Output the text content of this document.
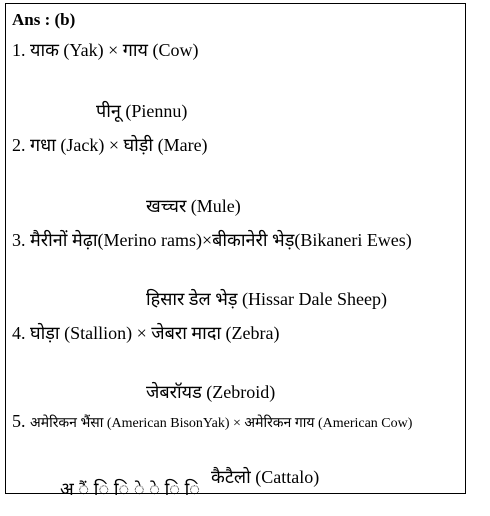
Ans : (b)
1. याक (Yak) × गाय (Cow)
पीनू (Piennu)
2. गधा (Jack) × घोड़ी (Mare)
खच्चर (Mule)
3. मैरीनों मेढ़ा(Merino rams)×बीकानेरी भेड़(Bikaneri Ewes)
हिसार डेल भेड़ (Hissar Dale Sheep)
4. घोड़ा (Stallion) × जेबरा मादा (Zebra)
जेबरॉयड (Zebroid)
5. अमेरिकन भैंसा (American BisonYak) × अमेरिकन गाय (American Cow)
कैटैलो (Cattalo)
अ ैं ि ि े े ि ि
